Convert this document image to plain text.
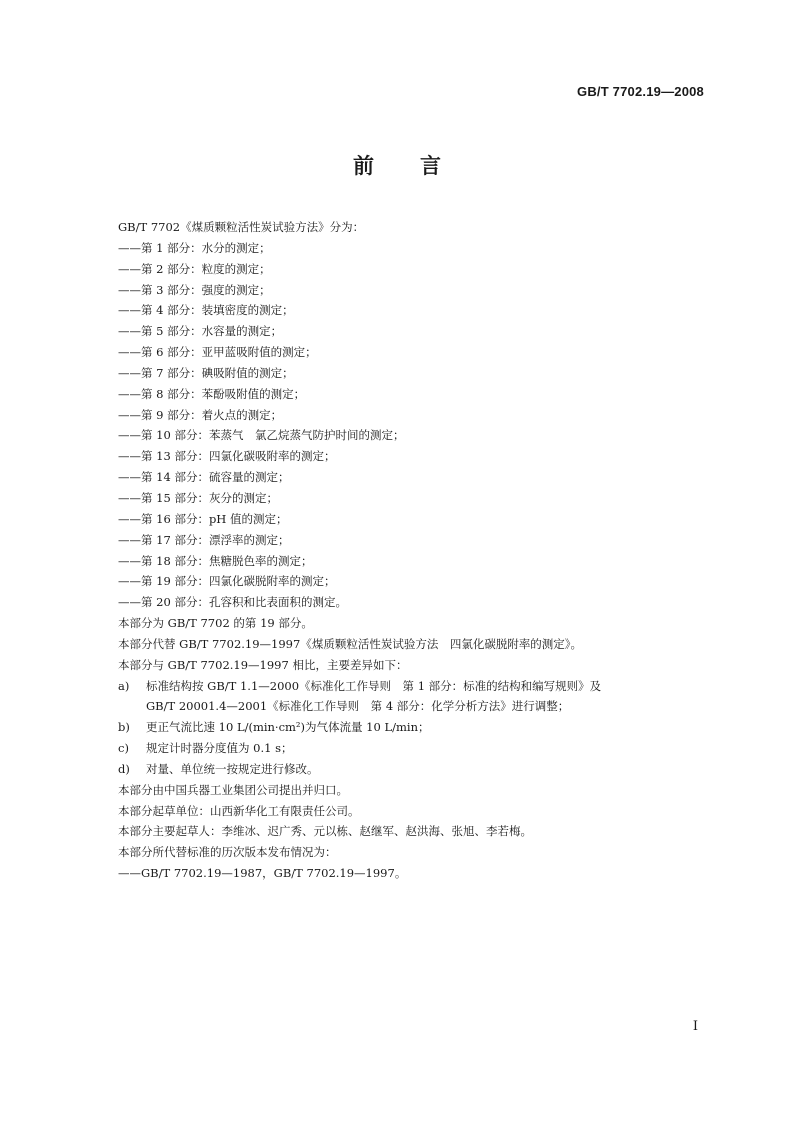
GB/T 7702.19—2008
前 言
GB/T 7702《煤质颗粒活性炭试验方法》分为：
——第 1 部分：水分的测定；
——第 2 部分：粒度的测定；
——第 3 部分：强度的测定；
——第 4 部分：装填密度的测定；
——第 5 部分：水容量的测定；
——第 6 部分：亚甲蓝吸附值的测定；
——第 7 部分：碘吸附值的测定；
——第 8 部分：苯酚吸附值的测定；
——第 9 部分：着火点的测定；
——第 10 部分：苯蒸气　氯乙烷蒸气防护时间的测定；
——第 13 部分：四氯化碳吸附率的测定；
——第 14 部分：硫容量的测定；
——第 15 部分：灰分的测定；
——第 16 部分：pH 值的测定；
——第 17 部分：漂浮率的测定；
——第 18 部分：焦糖脱色率的测定；
——第 19 部分：四氯化碳脱附率的测定；
——第 20 部分：孔容积和比表面积的测定。
本部分为 GB/T 7702 的第 19 部分。
本部分代替 GB/T 7702.19—1997《煤质颗粒活性炭试验方法　四氯化碳脱附率的测定》。
本部分与 GB/T 7702.19—1997 相比，主要差异如下：
a) 标准结构按 GB/T 1.1—2000《标准化工作导则　第 1 部分：标准的结构和编写规则》及
GB/T 20001.4—2001《标准化工作导则　第 4 部分：化学分析方法》进行调整；
b) 更正气流比速 10 L/(min·cm²)为气体流量 10 L/min；
c) 规定计时器分度值为 0.1 s；
d) 对量、单位统一按规定进行修改。
本部分由中国兵器工业集团公司提出并归口。
本部分起草单位：山西新华化工有限责任公司。
本部分主要起草人：李维冰、迟广秀、元以栋、赵继军、赵洪海、张旭、李若梅。
本部分所代替标准的历次版本发布情况为：
——GB/T 7702.19—1987，GB/T 7702.19—1997。
I
